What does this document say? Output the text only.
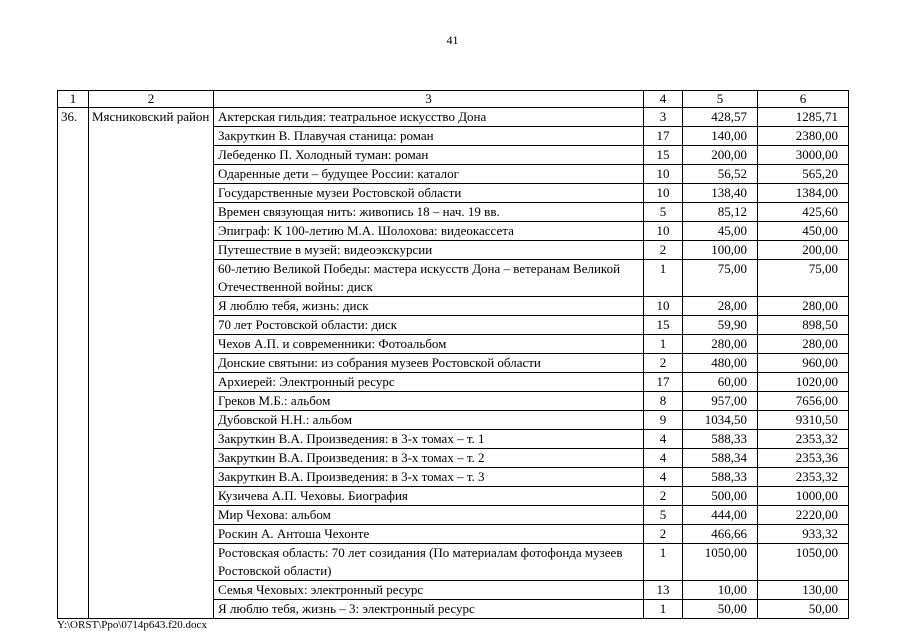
41
1	2	3	4	5	6
36.	Мясниковский район	Актерская гильдия: театральное искусство Дона	3	428,57	1285,71
		Закруткин В. Плавучая станица: роман	17	140,00	2380,00
		Лебеденко П. Холодный туман: роман	15	200,00	3000,00
		Одаренные дети – будущее России: каталог	10	56,52	565,20
		Государственные музеи Ростовской области	10	138,40	1384,00
		Времен связующая нить: живопись 18 – нач. 19 вв.	5	85,12	425,60
		Эпиграф: К 100-летию М.А. Шолохова: видеокассета	10	45,00	450,00
		Путешествие в музей: видеоэкскурсии	2	100,00	200,00
		60-летию Великой Победы: мастера искусств Дона – ветеранам Великой Отечественной войны: диск	1	75,00	75,00
		Я люблю тебя, жизнь: диск	10	28,00	280,00
		70 лет Ростовской области: диск	15	59,90	898,50
		Чехов А.П. и современники: Фотоальбом	1	280,00	280,00
		Донские святыни: из собрания музеев Ростовской области	2	480,00	960,00
		Архиерей: Электронный ресурс	17	60,00	1020,00
		Греков М.Б.: альбом	8	957,00	7656,00
		Дубовской Н.Н.: альбом	9	1034,50	9310,50
		Закруткин В.А. Произведения: в 3-х томах – т. 1	4	588,33	2353,32
		Закруткин В.А. Произведения: в 3-х томах – т. 2	4	588,34	2353,36
		Закруткин В.А. Произведения: в 3-х томах – т. 3	4	588,33	2353,32
		Кузичева А.П. Чеховы. Биография	2	500,00	1000,00
		Мир Чехова: альбом	5	444,00	2220,00
		Роскин А. Антоша Чехонте	2	466,66	933,32
		Ростовская область: 70 лет созидания (По материалам фотофонда музеев Ростовской области)	1	1050,00	1050,00
		Семья Чеховых: электронный ресурс	13	10,00	130,00
		Я люблю тебя, жизнь – 3: электронный ресурс	1	50,00	50,00
Y:\ORST\Ppo\0714p643.f20.docx
